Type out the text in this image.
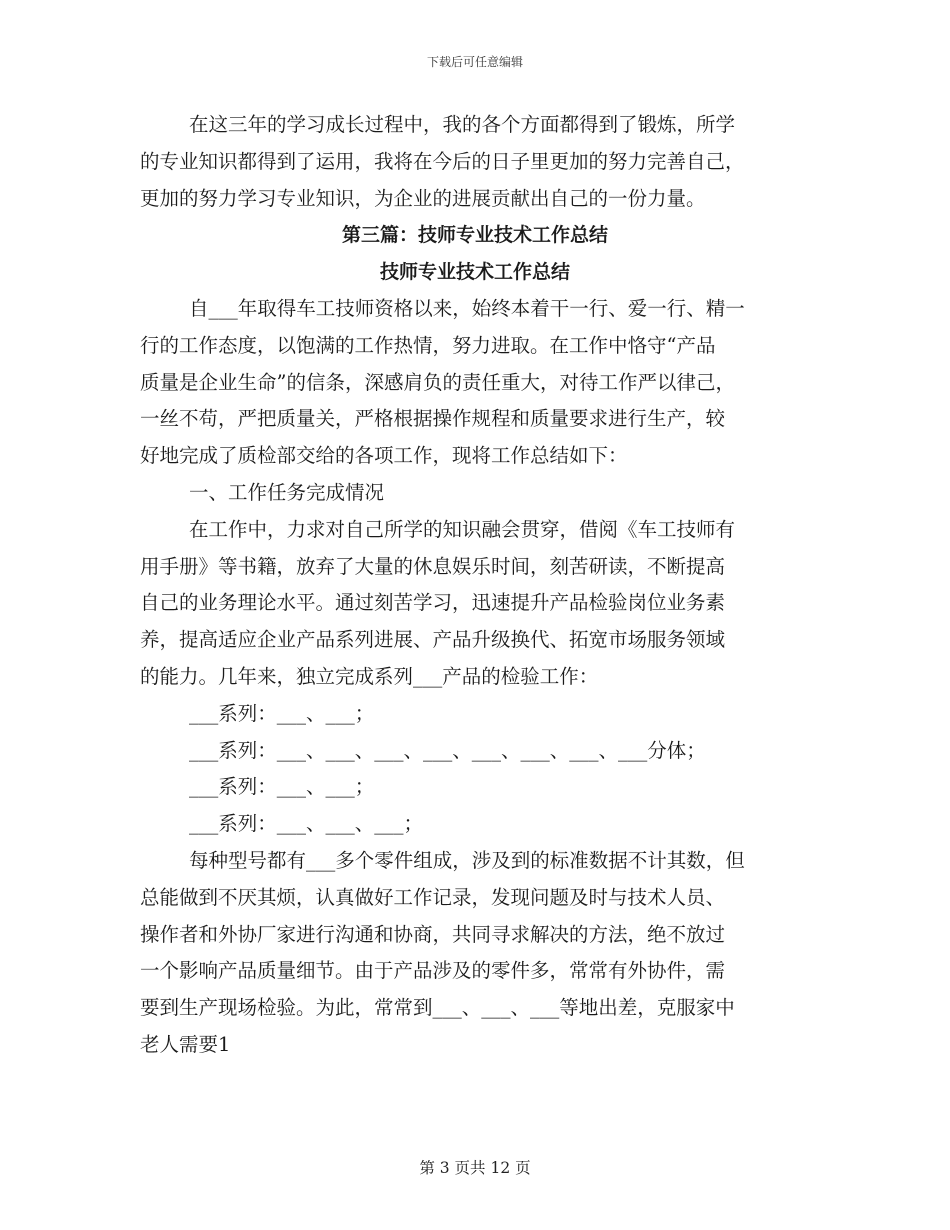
下载后可任意编辑
在这三年的学习成长过程中，我的各个方面都得到了锻炼，所学
的专业知识都得到了运用，我将在今后的日子里更加的努力完善自己，
更加的努力学习专业知识，为企业的进展贡献出自己的一份力量。
第三篇：技师专业技术工作总结
技师专业技术工作总结
自___年取得车工技师资格以来，始终本着干一行、爱一行、精一
行的工作态度，以饱满的工作热情，努力进取。在工作中恪守“产品
质量是企业生命”的信条，深感肩负的责任重大，对待工作严以律己，
一丝不苟，严把质量关，严格根据操作规程和质量要求进行生产，较
好地完成了质检部交给的各项工作，现将工作总结如下：
一、工作任务完成情况
在工作中，力求对自己所学的知识融会贯穿，借阅《车工技师有
用手册》等书籍，放弃了大量的休息娱乐时间，刻苦研读，不断提高
自己的业务理论水平。通过刻苦学习，迅速提升产品检验岗位业务素
养，提高适应企业产品系列进展、产品升级换代、拓宽市场服务领域
的能力。几年来，独立完成系列___产品的检验工作：
___系列：___、___；
___系列：___、___、___、___、___、___、___、___分体；
___系列：___、___；
___系列：___、___、___；
每种型号都有___多个零件组成，涉及到的标准数据不计其数，但
总能做到不厌其烦，认真做好工作记录，发现问题及时与技术人员、
操作者和外协厂家进行沟通和协商，共同寻求解决的方法，绝不放过
一个影响产品质量细节。由于产品涉及的零件多，常常有外协件，需
要到生产现场检验。为此，常常到___、___、___等地出差，克服家中
老人需要1
第 3 页共 12 页
